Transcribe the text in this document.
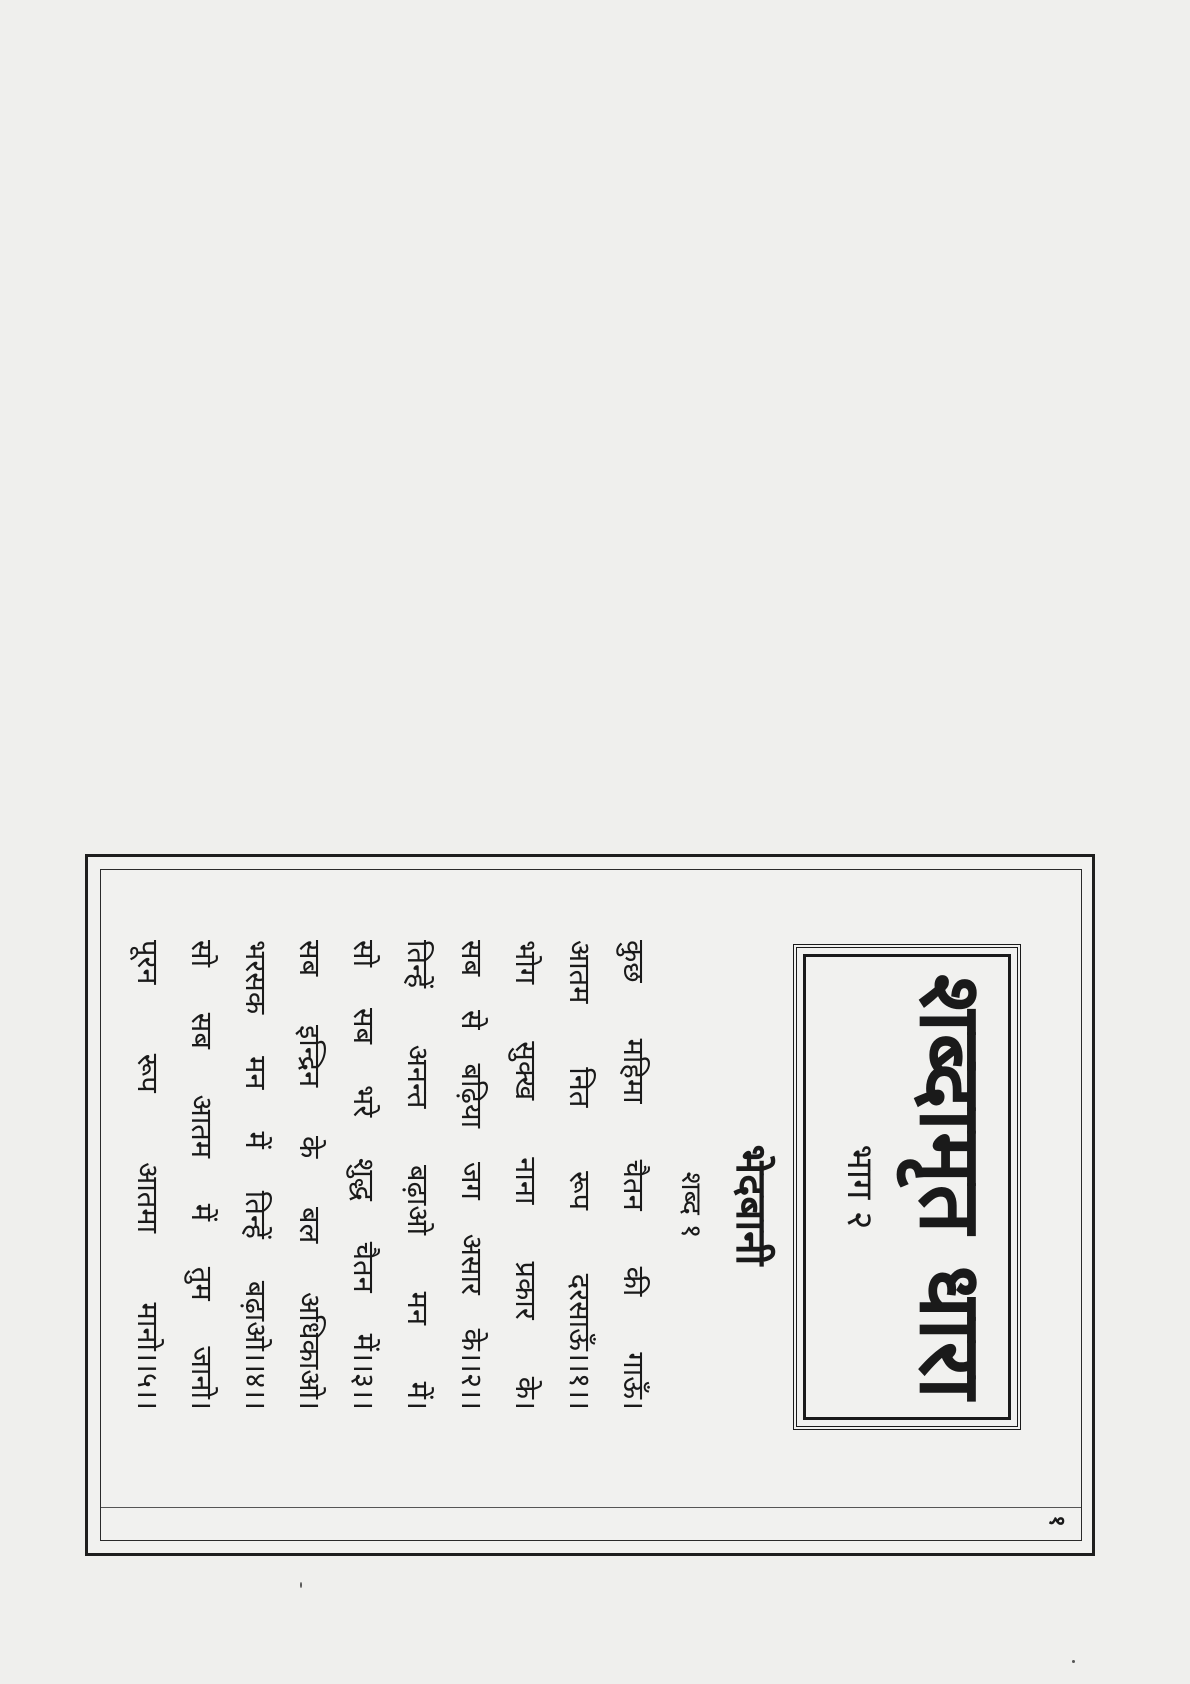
१
शब्दामृत धारा
भाग २
भेदबानी
शब्द १
कुछ महिमा चैतन की गाऊँ।
आतम नित रूप दरसाऊँ।।१।।
भोग सुक्ख नाना प्रकार के।
सब से बढ़िया जग असार के।।२।।
तिन्हें अनन्त बढ़ाओ मन में।
सो सब भरे शुद्ध चैतन में।।३।।
सब इन्द्रिन के बल अधिकाओ।
भरसक मन में तिन्हें बढ़ाओ।।४।।
सो सब आतम में तुम जानो।
पूरन रूप आतमा मानो।।५।।
